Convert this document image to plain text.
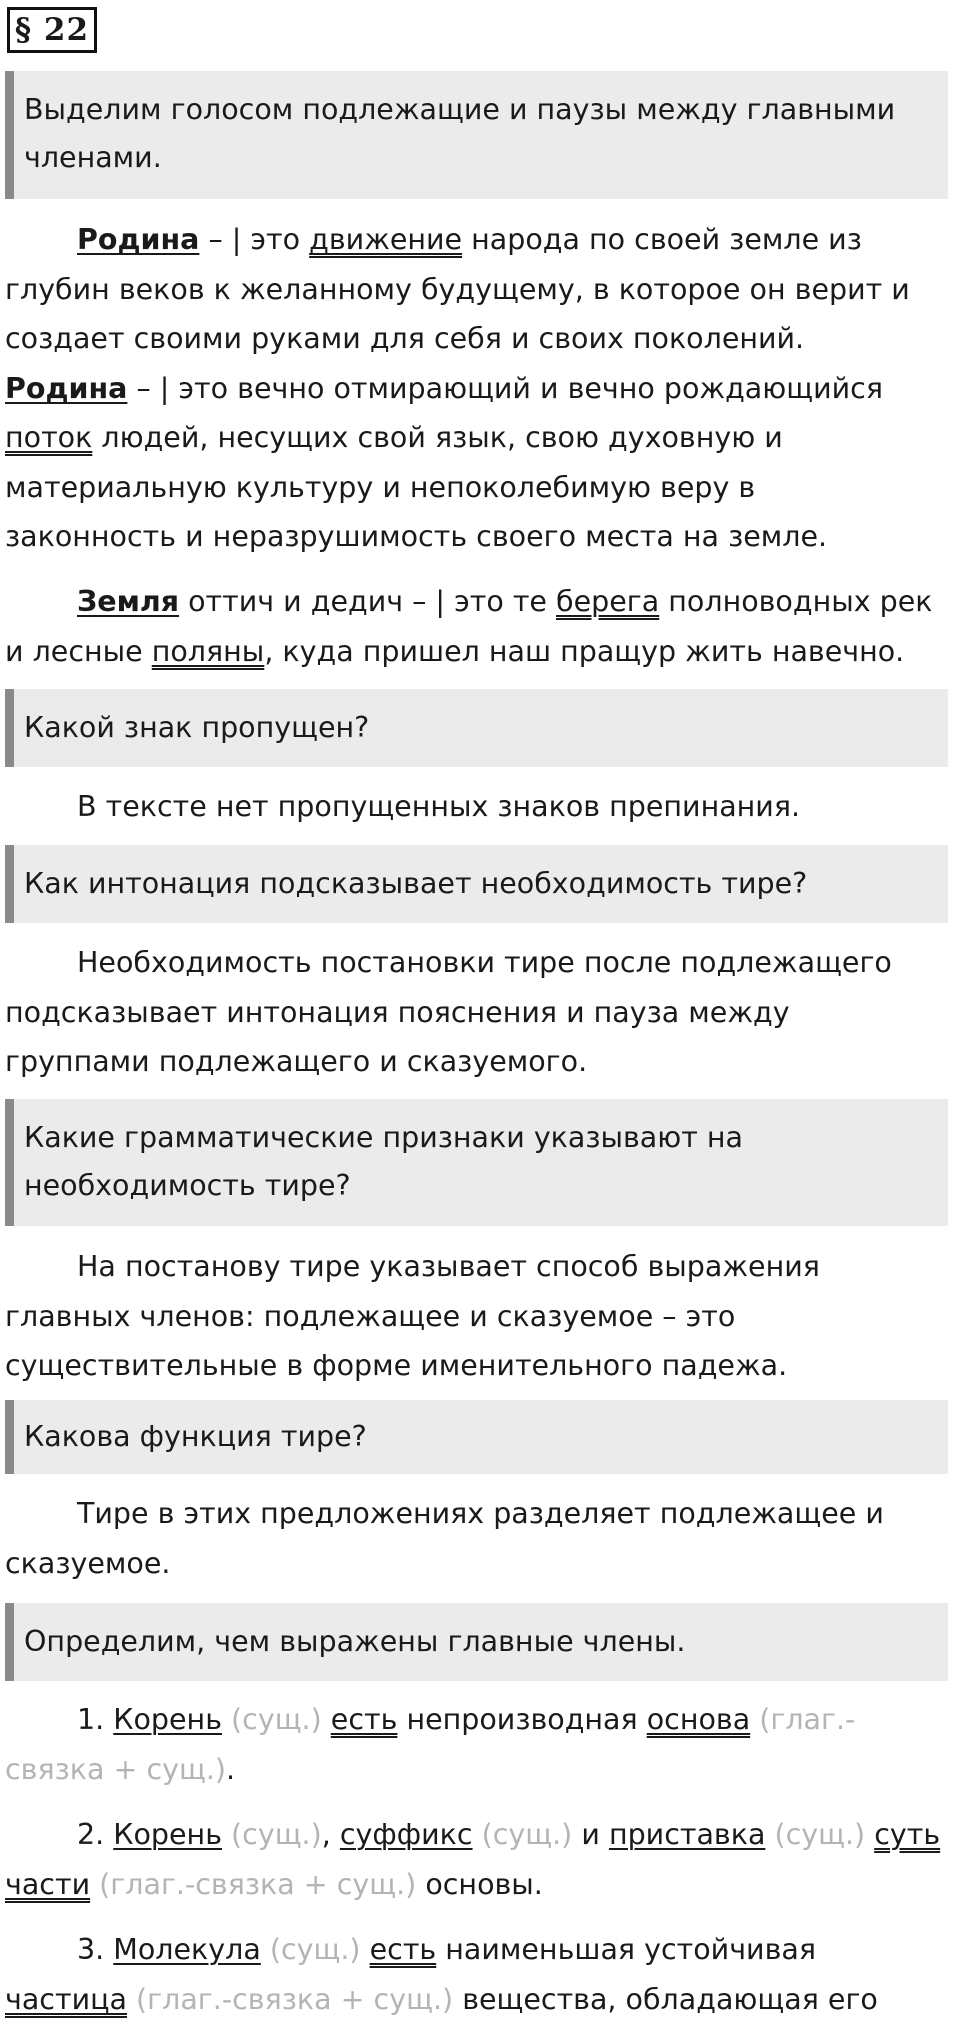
§ 22
Выделим голосом подлежащие и паузы между главными
членами.
Родина – | это движение народа по своей земле из
глубин веков к желанному будущему, в которое он верит и
создает своими руками для себя и своих поколений.
Родина – | это вечно отмирающий и вечно рождающийся
поток людей, несущих свой язык, свою духовную и
материальную культуру и непоколебимую веру в
законность и неразрушимость своего места на земле.
Земля оттич и дедич – | это те берега полноводных рек
и лесные поляны, куда пришел наш пращур жить навечно.
Какой знак пропущен?
В тексте нет пропущенных знаков препинания.
Как интонация подсказывает необходимость тире?
Необходимость постановки тире после подлежащего
подсказывает интонация пояснения и пауза между
группами подлежащего и сказуемого.
Какие грамматические признаки указывают на
необходимость тире?
На постанову тире указывает способ выражения
главных членов: подлежащее и сказуемое – это
существительные в форме именительного падежа.
Какова функция тире?
Тире в этих предложениях разделяет подлежащее и
сказуемое.
Определим, чем выражены главные члены.
1. Корень (сущ.) есть непроизводная основа (глаг.-
связка + сущ.).
2. Корень (сущ.), суффикс (сущ.) и приставка (сущ.) суть
части (глаг.-связка + сущ.) основы.
3. Молекула (сущ.) есть наименьшая устойчивая
частица (глаг.-связка + сущ.) вещества, обладающая его
